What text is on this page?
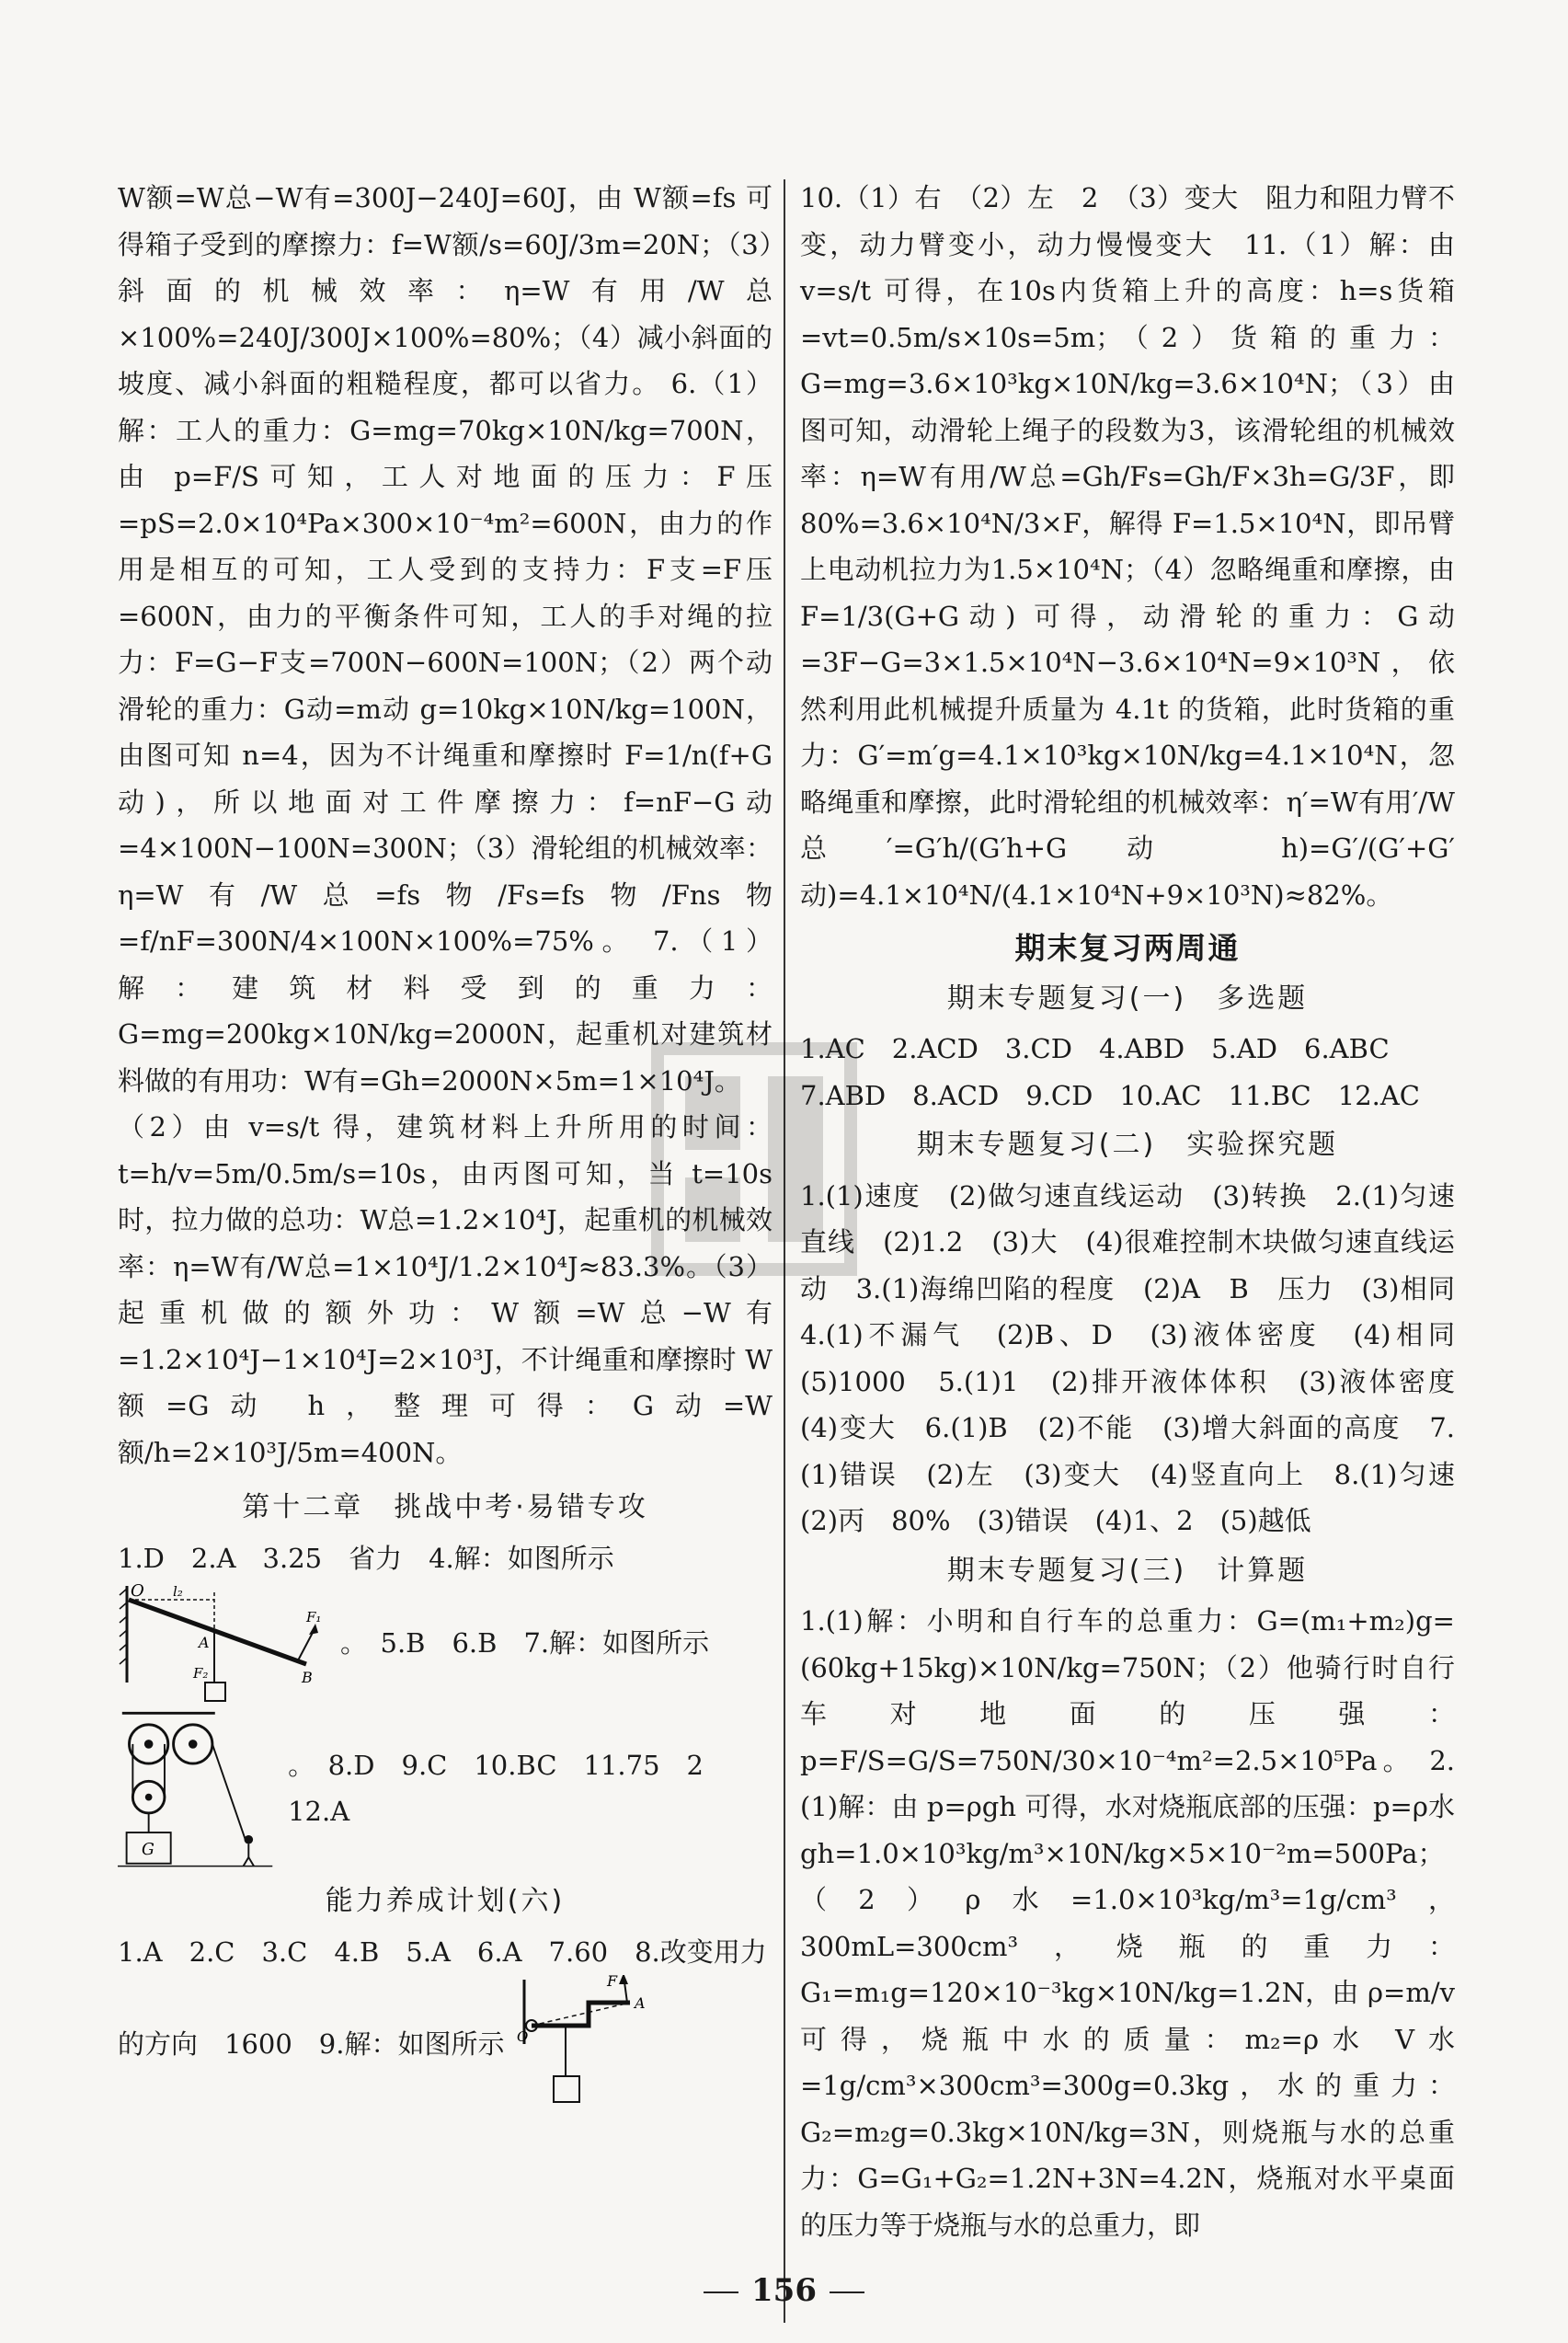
W额=W总−W有=300J−240J=60J，由 W额=fs 可得箱子受到的摩擦力：f=W额/s=60J/3m=20N；（3）斜面的机械效率：η=W有用/W总×100%=240J/300J×100%=80%；（4）减小斜面的坡度、减小斜面的粗糙程度，都可以省力。 6.（1）解：工人的重力：G=mg=70kg×10N/kg=700N，由 p=F/S可知，工人对地面的压力：F压=pS=2.0×10⁴Pa×300×10⁻⁴m²=600N，由力的作用是相互的可知，工人受到的支持力：F支=F压=600N，由力的平衡条件可知，工人的手对绳的拉力：F=G−F支=700N−600N=100N；（2）两个动滑轮的重力：G动=m动 g=10kg×10N/kg=100N，由图可知 n=4，因为不计绳重和摩擦时 F=1/n(f+G动)，所以地面对工件摩擦力：f=nF−G动=4×100N−100N=300N；（3）滑轮组的机械效率：η=W有/W总=fs物/Fs=fs物/Fns物=f/nF=300N/4×100N×100%=75%。 7.（1）解：建筑材料受到的重力：G=mg=200kg×10N/kg=2000N，起重机对建筑材料做的有用功：W有=Gh=2000N×5m=1×10⁴J。

（2）由 v=s/t 得，建筑材料上升所用的时间：t=h/v=5m/0.5m/s=10s，由丙图可知，当 t=10s 时，拉力做的总功：W总=1.2×10⁴J，起重机的机械效率：η=W有/W总=1×10⁴J/1.2×10⁴J≈83.3%。（3）起重机做的额外功：W额=W总−W有=1.2×10⁴J−1×10⁴J=2×10³J，不计绳重和摩擦时 W额=G动 h，整理可得：G动=W额/h=2×10³J/5m=400N。

第十二章　挑战中考·易错专攻

1.D　2.A　3.25　省力　4.解：如图所示

O l₂
F₁
A
F₂	B
。　5.B　6.B　7.解：如图所示
G
。　8.D　9.C　10.BC　11.75　2　12.A
能力养成计划(六)

1.A　2.C　3.C　4.B　5.A　6.A　7.60　8.改变用力

的方向　1600　9.解：如图所示
F
A
O

10.（1）右　（2）左　2　（3）变大　阻力和阻力臂不变，动力臂变小，动力慢慢变大　11.（1）解：由 v=s/t 可得，在10s内货箱上升的高度：h=s货箱=vt=0.5m/s×10s=5m；（2）货箱的重力：G=mg=3.6×10³kg×10N/kg=3.6×10⁴N；（3）由图可知，动滑轮上绳子的段数为3，该滑轮组的机械效率：η=W有用/W总=Gh/Fs=Gh/F×3h=G/3F，即 80%=3.6×10⁴N/3×F，解得 F=1.5×10⁴N，即吊臂上电动机拉力为1.5×10⁴N；（4）忽略绳重和摩擦，由 F=1/3(G+G动) 可得，动滑轮的重力：G动=3F−G=3×1.5×10⁴N−3.6×10⁴N=9×10³N，依然利用此机械提升质量为 4.1t 的货箱，此时货箱的重力：G′=m′g=4.1×10³kg×10N/kg=4.1×10⁴N，忽略绳重和摩擦，此时滑轮组的机械效率：η′=W有用′/W总′=G′h/(G′h+G动 h)=G′/(G′+G′动)=4.1×10⁴N/(4.1×10⁴N+9×10³N)≈82%。

期末复习两周通
期末专题复习(一)　多选题

1.AC　2.ACD　3.CD　4.ABD　5.AD　6.ABC

7.ABD　8.ACD　9.CD　10.AC　11.BC　12.AC

期末专题复习(二)　实验探究题

1.(1)速度　(2)做匀速直线运动　(3)转换　2.(1)匀速直线　(2)1.2　(3)大　(4)很难控制木块做匀速直线运动　3.(1)海绵凹陷的程度　(2)A　B　压力　(3)相同　4.(1)不漏气　(2)B、D　(3)液体密度　(4)相同　(5)1000　5.(1)1　(2)排开液体体积　(3)液体密度　(4)变大　6.(1)B　(2)不能　(3)增大斜面的高度　7.(1)错误　(2)左　(3)变大　(4)竖直向上　8.(1)匀速　(2)丙　80%　(3)错误　(4)1、2　(5)越低

期末专题复习(三)　计算题

1.(1)解：小明和自行车的总重力：G=(m₁+m₂)g=(60kg+15kg)×10N/kg=750N；（2）他骑行时自行车对地面的压强：p=F/S=G/S=750N/30×10⁻⁴m²=2.5×10⁵Pa。 2.(1)解：由 p=ρgh 可得，水对烧瓶底部的压强：p=ρ水 gh=1.0×10³kg/m³×10N/kg×5×10⁻²m=500Pa；（2）ρ水=1.0×10³kg/m³=1g/cm³，300mL=300cm³，烧瓶的重力：G₁=m₁g=120×10⁻³kg×10N/kg=1.2N，由 ρ=m/v 可得，烧瓶中水的质量：m₂=ρ水 V水=1g/cm³×300cm³=300g=0.3kg，水的重力：G₂=m₂g=0.3kg×10N/kg=3N，则烧瓶与水的总重力：G=G₁+G₂=1.2N+3N=4.2N，烧瓶对水平桌面的压力等于烧瓶与水的总重力，即

156
